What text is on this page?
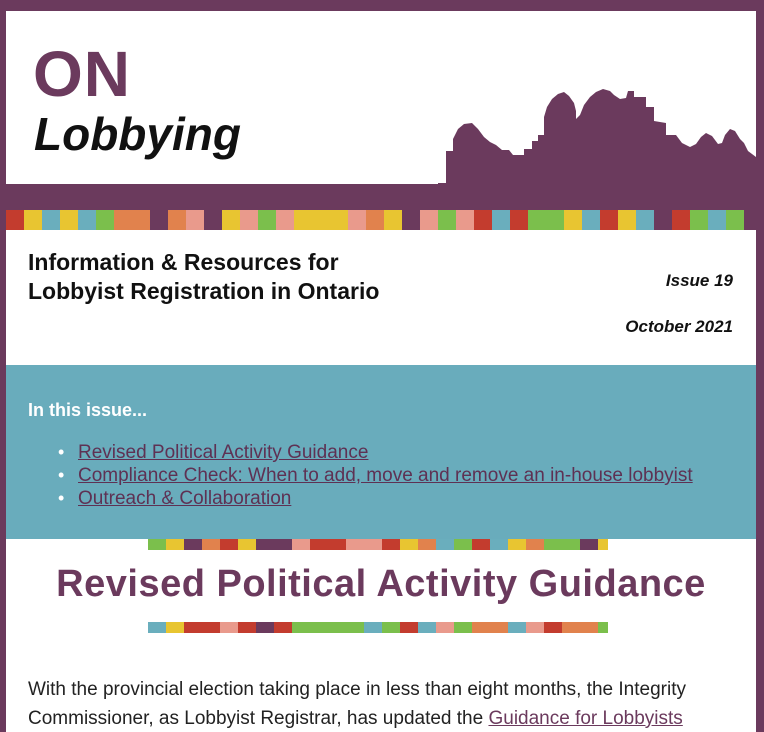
ON
Lobbying
Information & Resources for Lobbyist Registration in Ontario	Issue 19
October 2021
In this issue...
• Revised Political Activity Guidance
• Compliance Check: When to add, move and remove an in-house lobbyist
• Outreach & Collaboration
Revised Political Activity Guidance

With the provincial election taking place in less than eight months, the Integrity Commissioner, as Lobbyist Registrar, has updated the Guidance for Lobbyists
